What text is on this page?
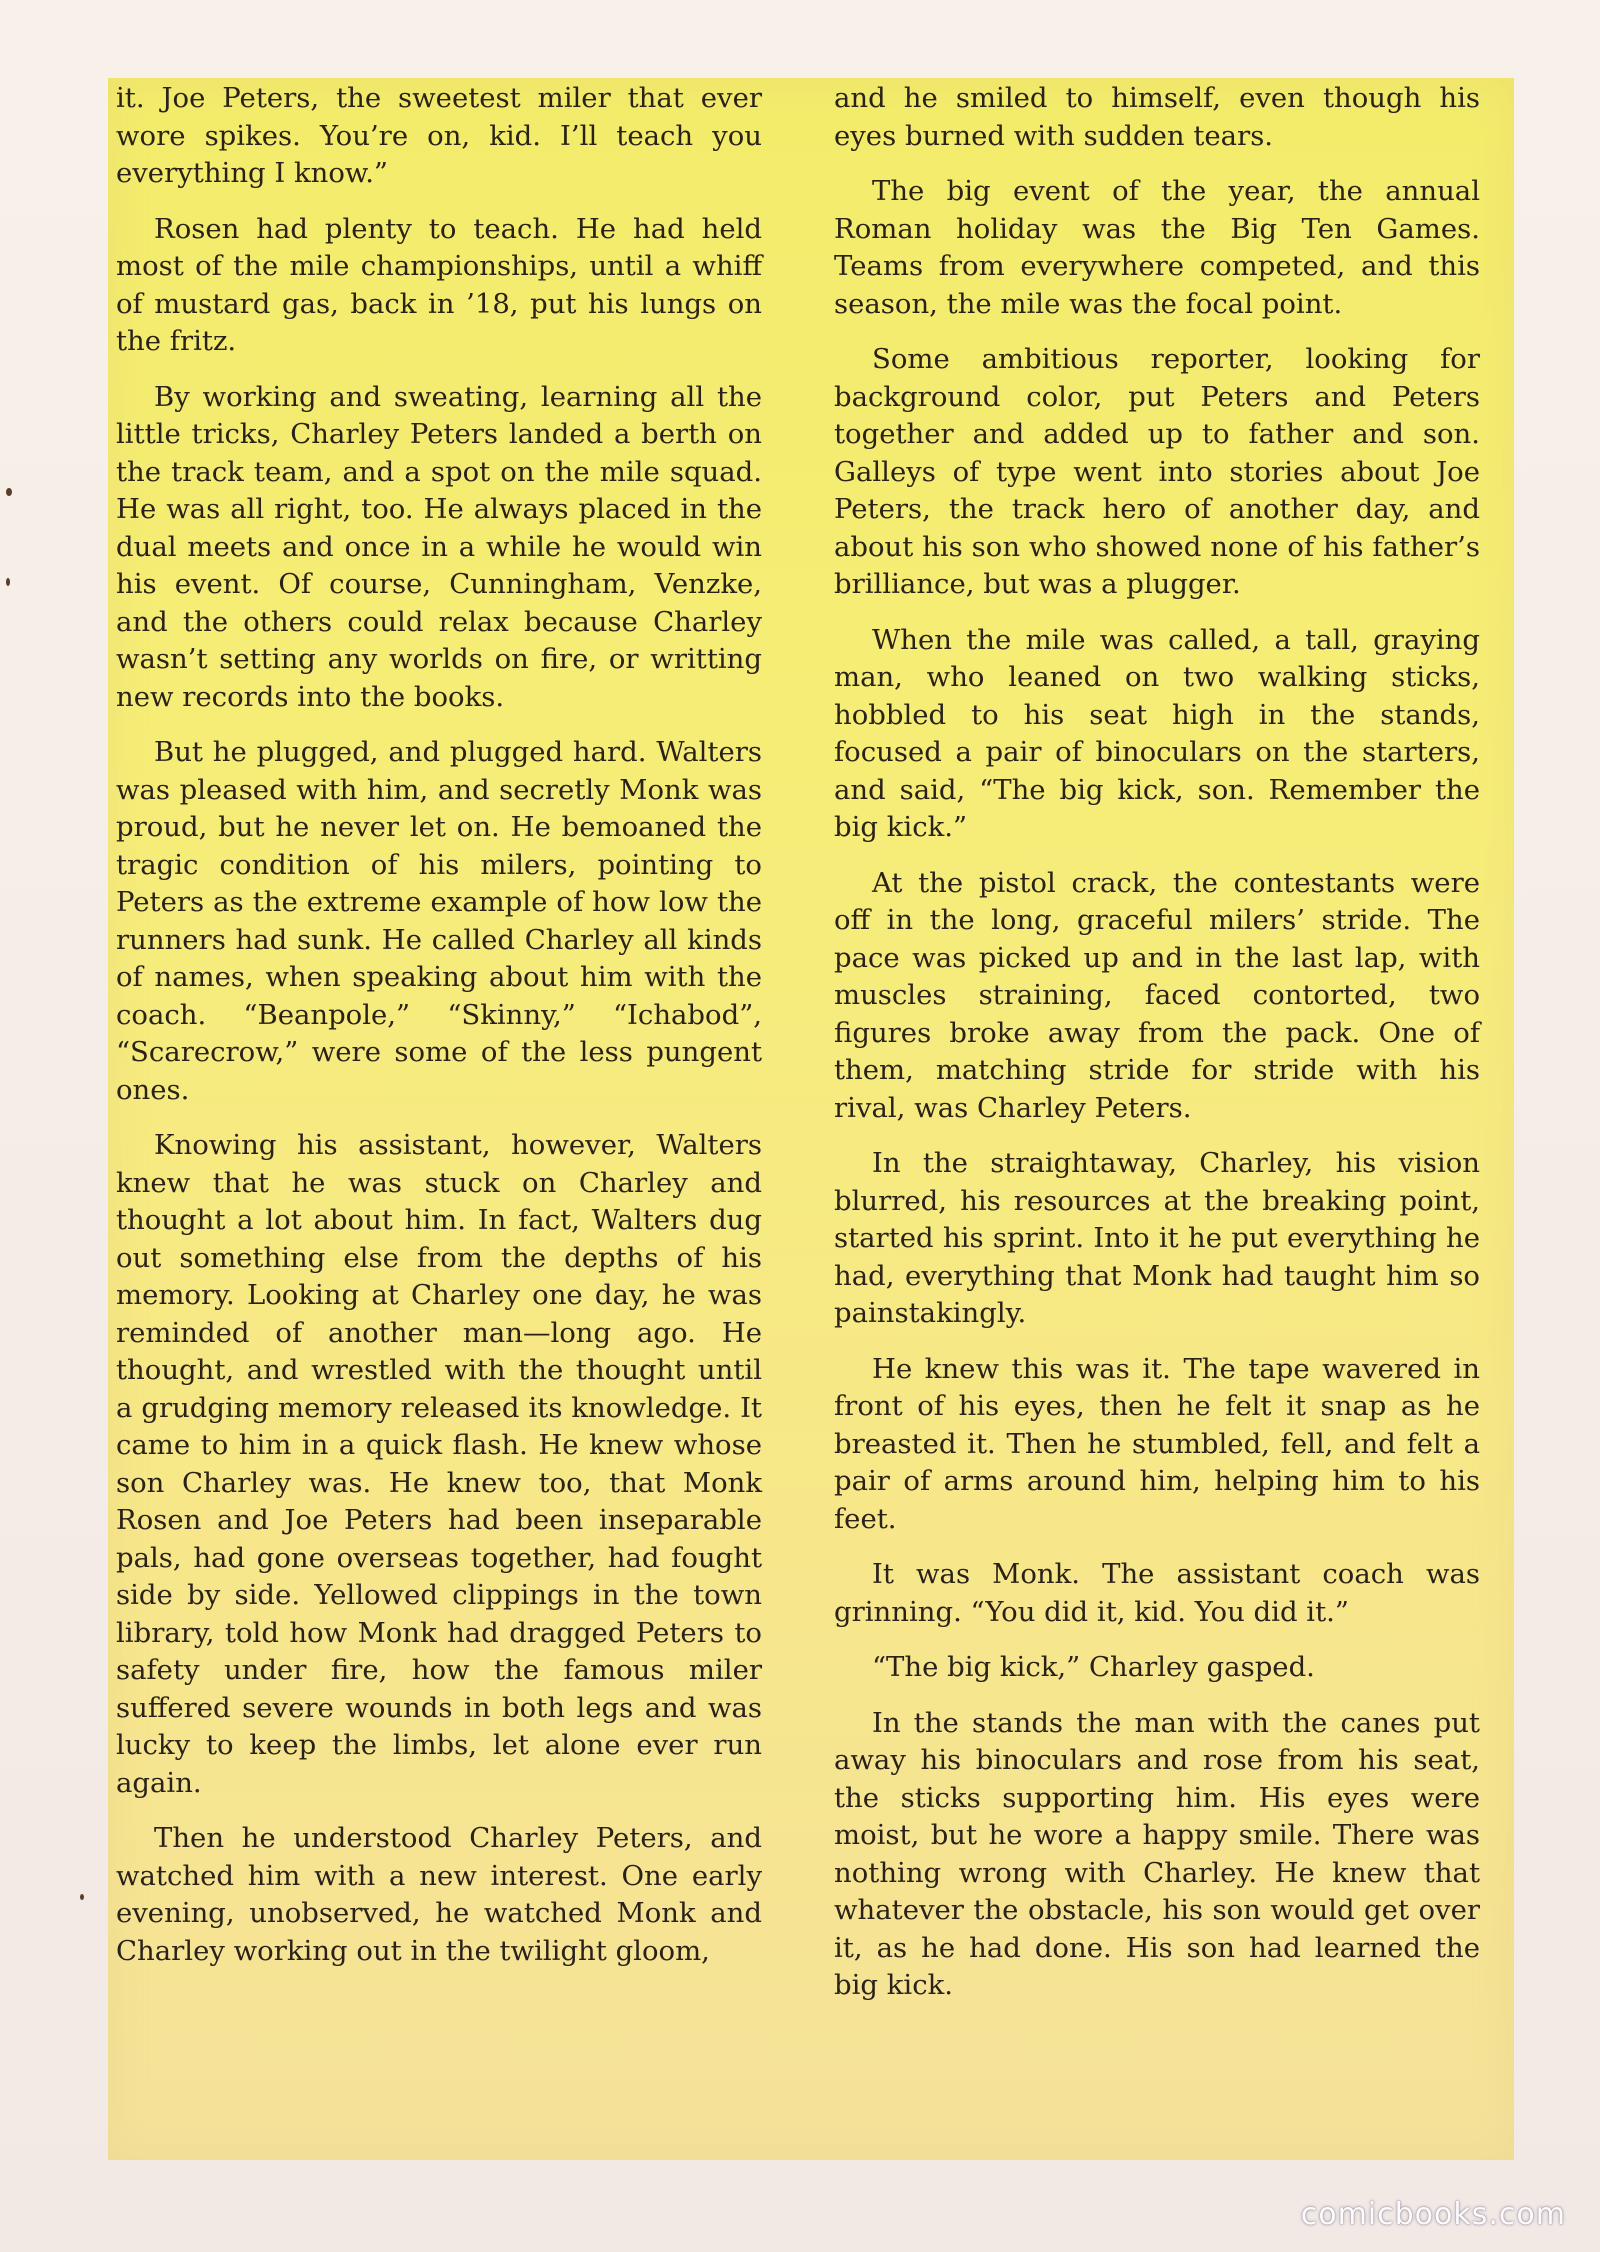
it. Joe Peters, the sweetest miler that ever wore spikes. You’re on, kid. I’ll teach you everything I know.”

Rosen had plenty to teach. He had held most of the mile championships, until a whiff of mustard gas, back in ’18, put his lungs on the fritz.

By working and sweating, learning all the little tricks, Charley Peters landed a berth on the track team, and a spot on the mile squad. He was all right, too. He always placed in the dual meets and once in a while he would win his event. Of course, Cunningham, Venzke, and the others could relax because Charley wasn’t setting any worlds on fire, or writting new records into the books.

But he plugged, and plugged hard. Walters was pleased with him, and secretly Monk was proud, but he never let on. He bemoaned the tragic condition of his milers, pointing to Peters as the extreme example of how low the runners had sunk. He called Charley all kinds of names, when speaking about him with the coach. “Beanpole,” “Skinny,” “Ichabod”, “Scarecrow,” were some of the less pungent ones.

Knowing his assistant, however, Walters knew that he was stuck on Charley and thought a lot about him. In fact, Walters dug out something else from the depths of his memory. Looking at Charley one day, he was reminded of another man—long ago. He thought, and wrestled with the thought until a grudging memory released its knowledge. It came to him in a quick flash. He knew whose son Charley was. He knew too, that Monk Rosen and Joe Peters had been inseparable pals, had gone overseas together, had fought side by side. Yellowed clippings in the town library, told how Monk had dragged Peters to safety under fire, how the famous miler suffered severe wounds in both legs and was lucky to keep the limbs, let alone ever run again.

Then he understood Charley Peters, and watched him with a new interest. One early evening, unobserved, he watched Monk and Charley working out in the twilight gloom,

and he smiled to himself, even though his eyes burned with sudden tears.

The big event of the year, the annual Roman holiday was the Big Ten Games. Teams from everywhere competed, and this season, the mile was the focal point.

Some ambitious reporter, looking for background color, put Peters and Peters together and added up to father and son. Galleys of type went into stories about Joe Peters, the track hero of another day, and about his son who showed none of his father’s brilliance, but was a plugger.

When the mile was called, a tall, graying man, who leaned on two walking sticks, hobbled to his seat high in the stands, focused a pair of binoculars on the starters, and said, “The big kick, son. Remember the big kick.”

At the pistol crack, the contestants were off in the long, graceful milers’ stride. The pace was picked up and in the last lap, with muscles straining, faced contorted, two figures broke away from the pack. One of them, matching stride for stride with his rival, was Charley Peters.

In the straightaway, Charley, his vision blurred, his resources at the breaking point, started his sprint. Into it he put everything he had, everything that Monk had taught him so painstakingly.

He knew this was it. The tape wavered in front of his eyes, then he felt it snap as he breasted it. Then he stumbled, fell, and felt a pair of arms around him, helping him to his feet.

It was Monk. The assistant coach was grinning. “You did it, kid. You did it.”

“The big kick,” Charley gasped.

In the stands the man with the canes put away his binoculars and rose from his seat, the sticks supporting him. His eyes were moist, but he wore a happy smile. There was nothing wrong with Charley. He knew that whatever the obstacle, his son would get over it, as he had done. His son had learned the big kick.

comicbooks.com
